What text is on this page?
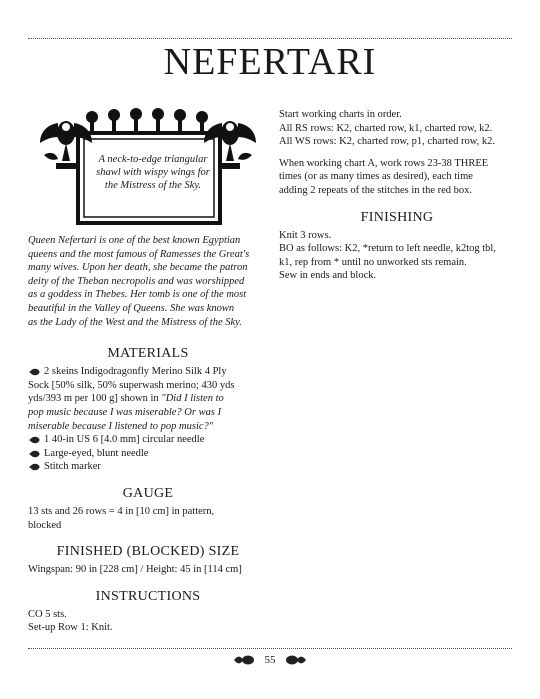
NEFERTARI
A neck-to-edge triangular
shawl with wispy wings for
the Mistress of the Sky.
Queen Nefertari is one of the best known Egyptian
queens and the most famous of Ramesses the Great's
many wives. Upon her death, she became the patron
deity of the Theban necropolis and was worshipped
as a goddess in Thebes. Her tomb is one of the most
beautiful in the Valley of Queens. She was known
as the Lady of the West and the Mistress of the Sky.
MATERIALS
2 skeins Indigodragonfly Merino Silk 4 Ply
Sock [50% silk, 50% superwash merino; 430 yds
yds/393 m per 100 g] shown in "Did I listen to
pop music because I was miserable? Or was I
miserable because I listened to pop music?"
1 40-in US 6 [4.0 mm] circular needle
Large-eyed, blunt needle
Stitch marker
GAUGE
13 sts and 26 rows = 4 in [10 cm] in pattern,
blocked
FINISHED (BLOCKED) SIZE
Wingspan: 90 in [228 cm] / Height: 45 in [114 cm]
INSTRUCTIONS
CO 5 sts.
Set-up Row 1: Knit.
Start working charts in order.
All RS rows: K2, charted row, k1, charted row, k2.
All WS rows: K2, charted row, p1, charted row, k2.
When working chart A, work rows 23-38 THREE
times (or as many times as desired), each time
adding 2 repeats of the stitches in the red box.
FINISHING
Knit 3 rows.
BO as follows: K2, *return to left needle, k2tog tbl,
k1, rep from * until no unworked sts remain.
Sew in ends and block.
55
